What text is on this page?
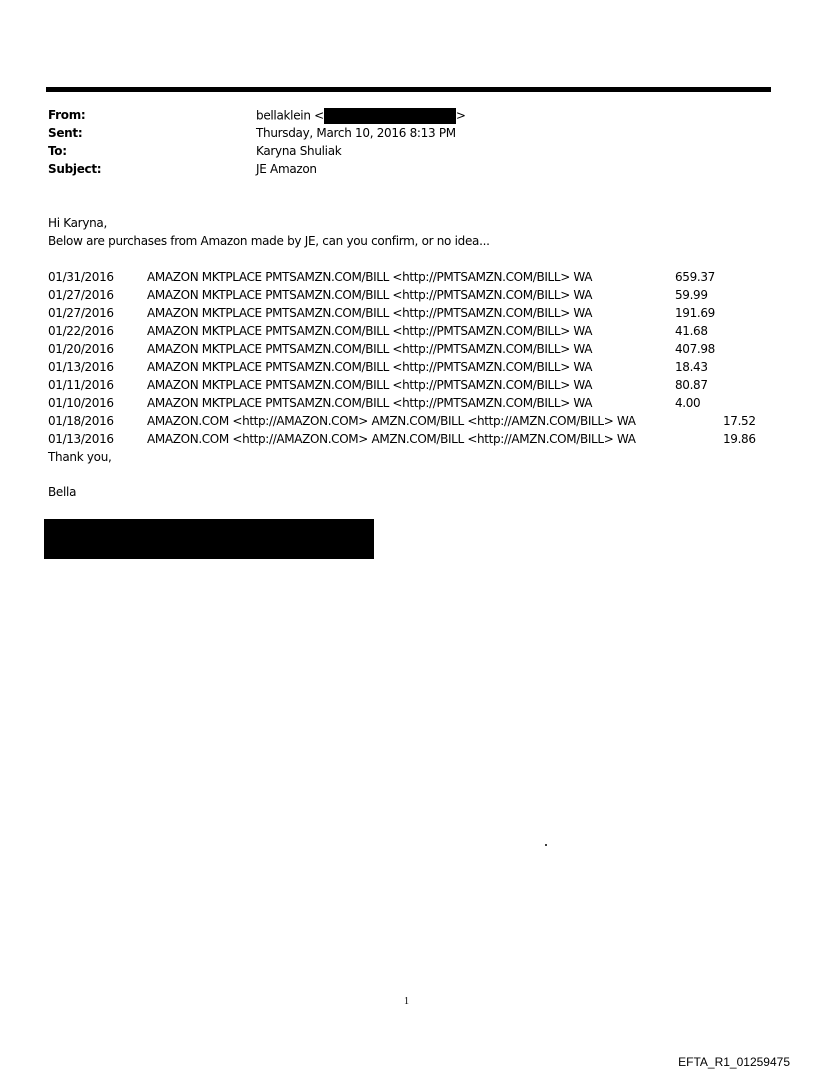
From:	bellaklein <	>
Sent:	Thursday, March 10, 2016 8:13 PM
To:	Karyna Shuliak
Subject:	JE Amazon
Hi Karyna,
Below are purchases from Amazon made by JE, can you confirm, or no idea...
01/31/2016	AMAZON MKTPLACE PMTSAMZN.COM/BILL <http://PMTSAMZN.COM/BILL> WA	659.37
01/27/2016	AMAZON MKTPLACE PMTSAMZN.COM/BILL <http://PMTSAMZN.COM/BILL> WA	59.99
01/27/2016	AMAZON MKTPLACE PMTSAMZN.COM/BILL <http://PMTSAMZN.COM/BILL> WA	191.69
01/22/2016	AMAZON MKTPLACE PMTSAMZN.COM/BILL <http://PMTSAMZN.COM/BILL> WA	41.68
01/20/2016	AMAZON MKTPLACE PMTSAMZN.COM/BILL <http://PMTSAMZN.COM/BILL> WA	407.98
01/13/2016	AMAZON MKTPLACE PMTSAMZN.COM/BILL <http://PMTSAMZN.COM/BILL> WA	18.43
01/11/2016	AMAZON MKTPLACE PMTSAMZN.COM/BILL <http://PMTSAMZN.COM/BILL> WA	80.87
01/10/2016	AMAZON MKTPLACE PMTSAMZN.COM/BILL <http://PMTSAMZN.COM/BILL> WA	4.00
01/18/2016	AMAZON.COM <http://AMAZON.COM> AMZN.COM/BILL <http://AMZN.COM/BILL> WA	17.52
01/13/2016	AMAZON.COM <http://AMAZON.COM> AMZN.COM/BILL <http://AMZN.COM/BILL> WA	19.86
Thank you,
Bella
1
EFTA_R1_01259475
